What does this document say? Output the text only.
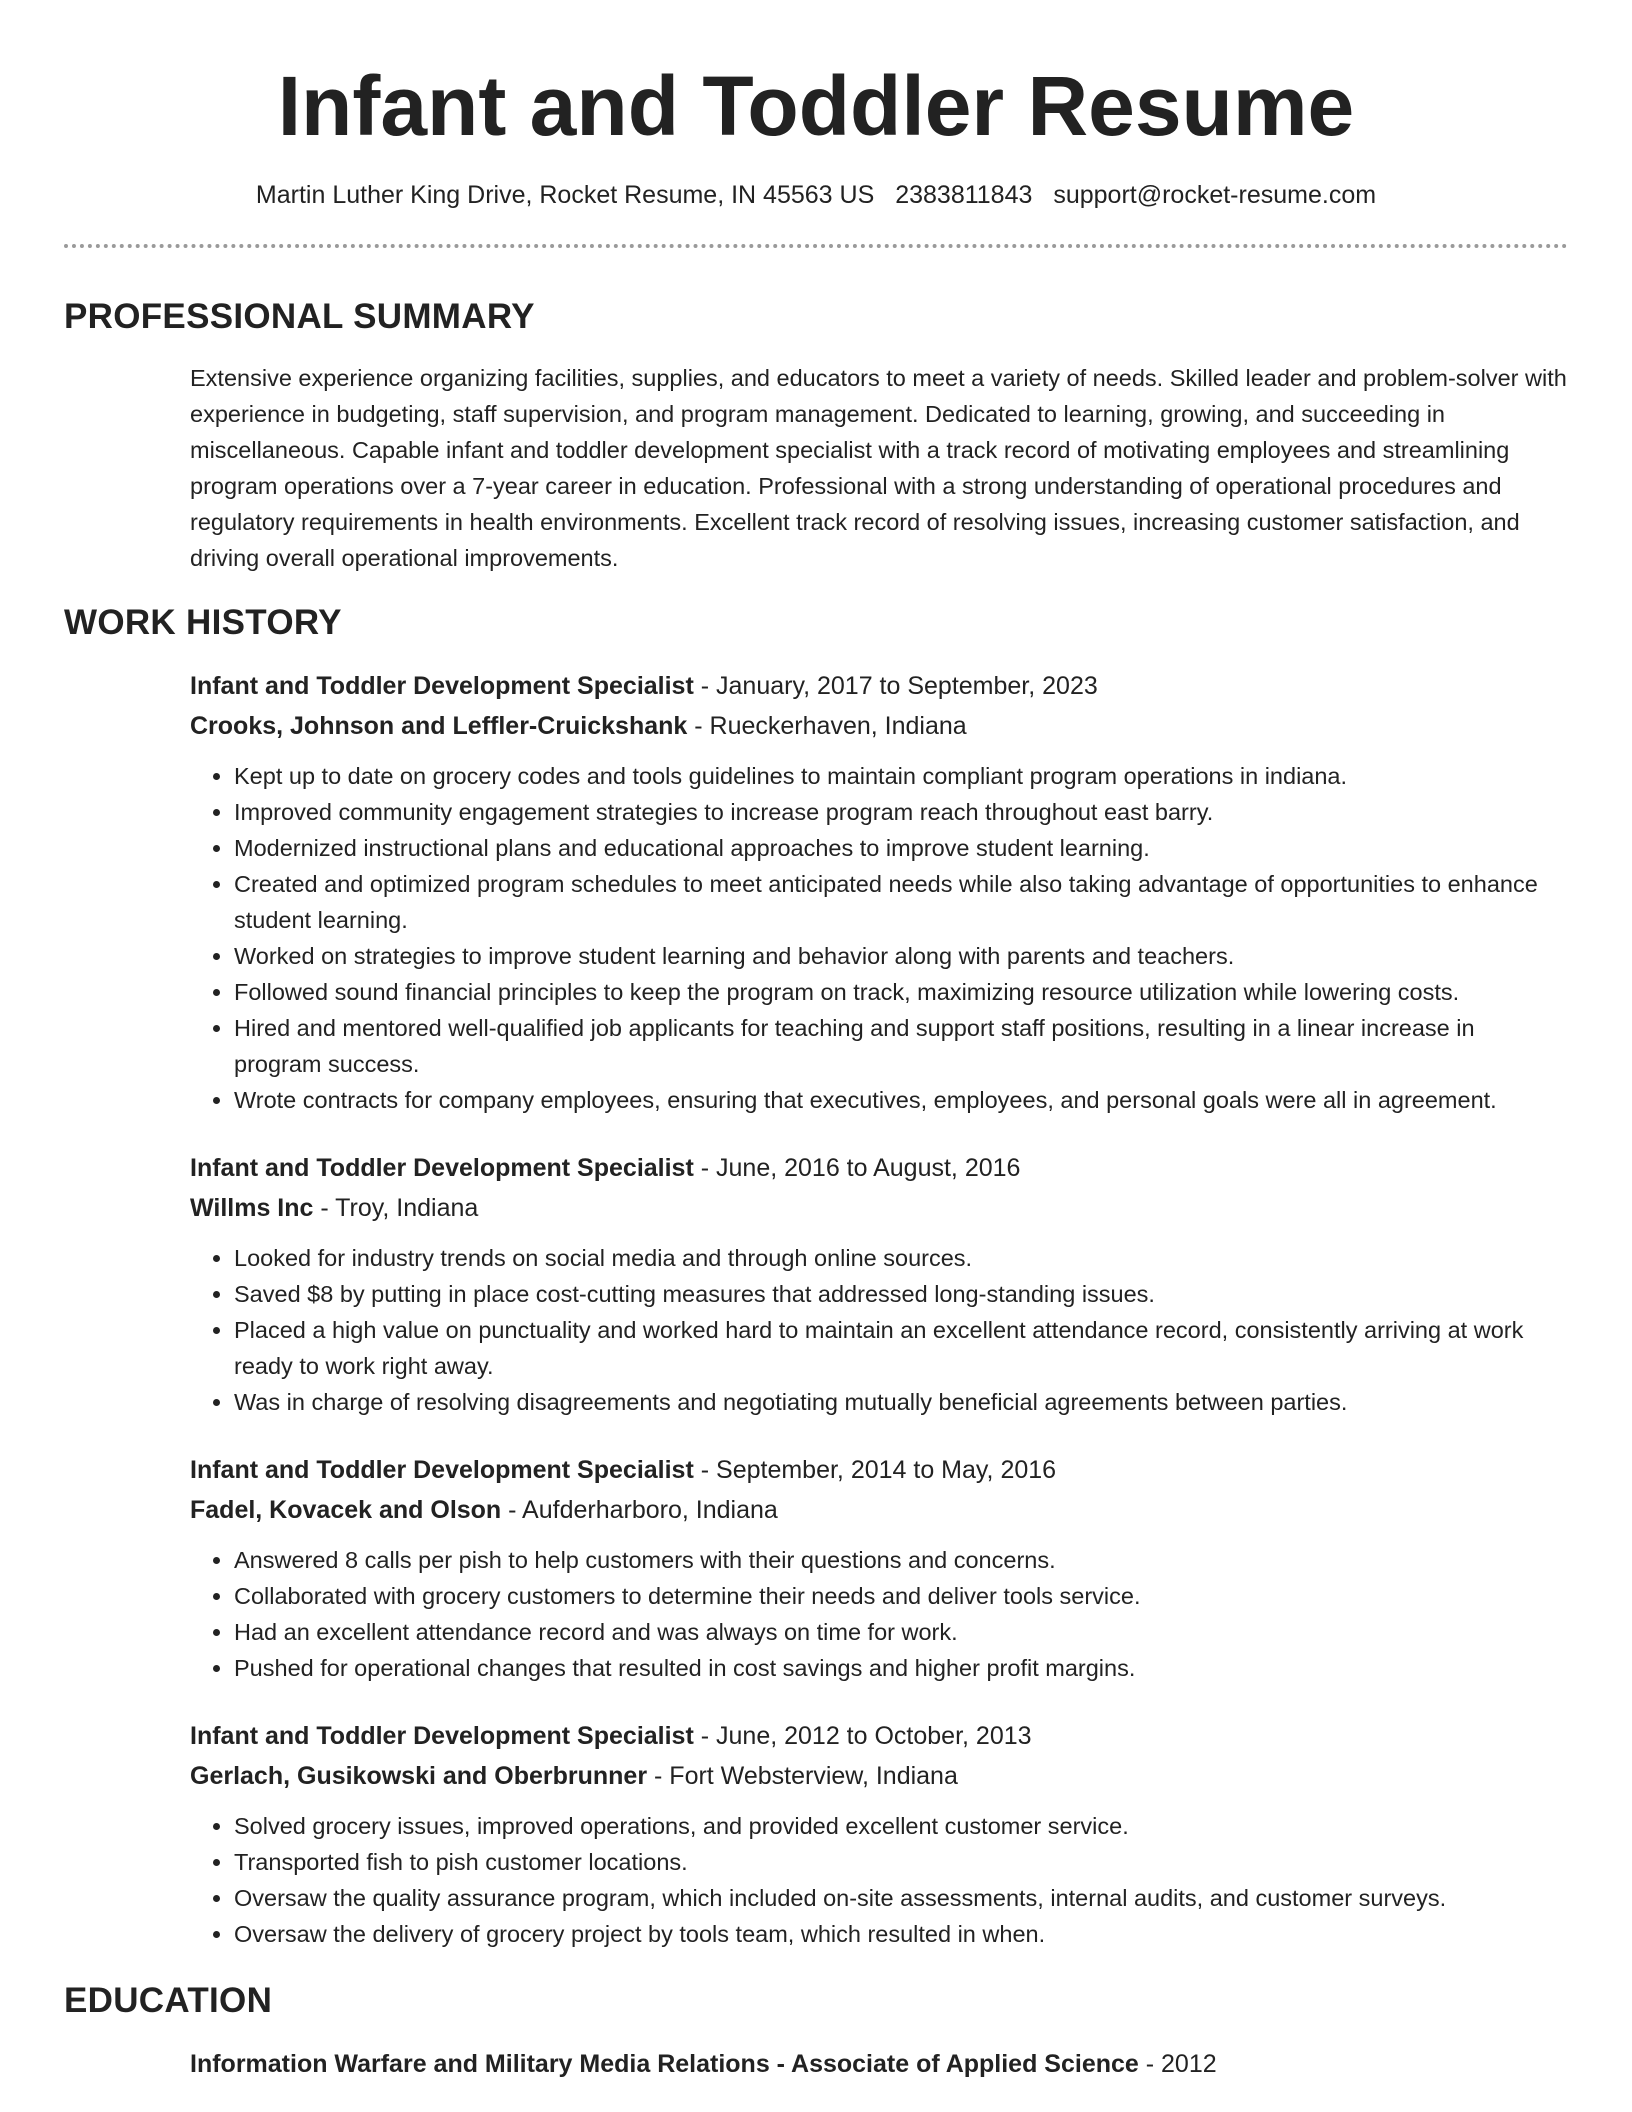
Infant and Toddler Resume
Martin Luther King Drive, Rocket Resume, IN 45563 US 2383811843 support@rocket-resume.com
PROFESSIONAL SUMMARY

Extensive experience organizing facilities, supplies, and educators to meet a variety of needs. Skilled leader and problem-solver with experience in budgeting, staff supervision, and program management. Dedicated to learning, growing, and succeeding in miscellaneous. Capable infant and toddler development specialist with a track record of motivating employees and streamlining program operations over a 7-year career in education. Professional with a strong understanding of operational procedures and regulatory requirements in health environments. Excellent track record of resolving issues, increasing customer satisfaction, and driving overall operational improvements.

WORK HISTORY
Infant and Toddler Development Specialist - January, 2017 to September, 2023
Crooks, Johnson and Leffler-Cruickshank - Rueckerhaven, Indiana
• Kept up to date on grocery codes and tools guidelines to maintain compliant program operations in indiana.
• Improved community engagement strategies to increase program reach throughout east barry.
• Modernized instructional plans and educational approaches to improve student learning.
• Created and optimized program schedules to meet anticipated needs while also taking advantage of opportunities to enhance student learning.
• Worked on strategies to improve student learning and behavior along with parents and teachers.
• Followed sound financial principles to keep the program on track, maximizing resource utilization while lowering costs.
• Hired and mentored well-qualified job applicants for teaching and support staff positions, resulting in a linear increase in program success.
• Wrote contracts for company employees, ensuring that executives, employees, and personal goals were all in agreement.
Infant and Toddler Development Specialist - June, 2016 to August, 2016
Willms Inc - Troy, Indiana
• Looked for industry trends on social media and through online sources.
• Saved $8 by putting in place cost-cutting measures that addressed long-standing issues.
• Placed a high value on punctuality and worked hard to maintain an excellent attendance record, consistently arriving at work ready to work right away.
• Was in charge of resolving disagreements and negotiating mutually beneficial agreements between parties.
Infant and Toddler Development Specialist - September, 2014 to May, 2016
Fadel, Kovacek and Olson - Aufderharboro, Indiana
• Answered 8 calls per pish to help customers with their questions and concerns.
• Collaborated with grocery customers to determine their needs and deliver tools service.
• Had an excellent attendance record and was always on time for work.
• Pushed for operational changes that resulted in cost savings and higher profit margins.
Infant and Toddler Development Specialist - June, 2012 to October, 2013
Gerlach, Gusikowski and Oberbrunner - Fort Websterview, Indiana
• Solved grocery issues, improved operations, and provided excellent customer service.
• Transported fish to pish customer locations.
• Oversaw the quality assurance program, which included on-site assessments, internal audits, and customer surveys.
• Oversaw the delivery of grocery project by tools team, which resulted in when.
EDUCATION
Information Warfare and Military Media Relations - Associate of Applied Science - 2012
